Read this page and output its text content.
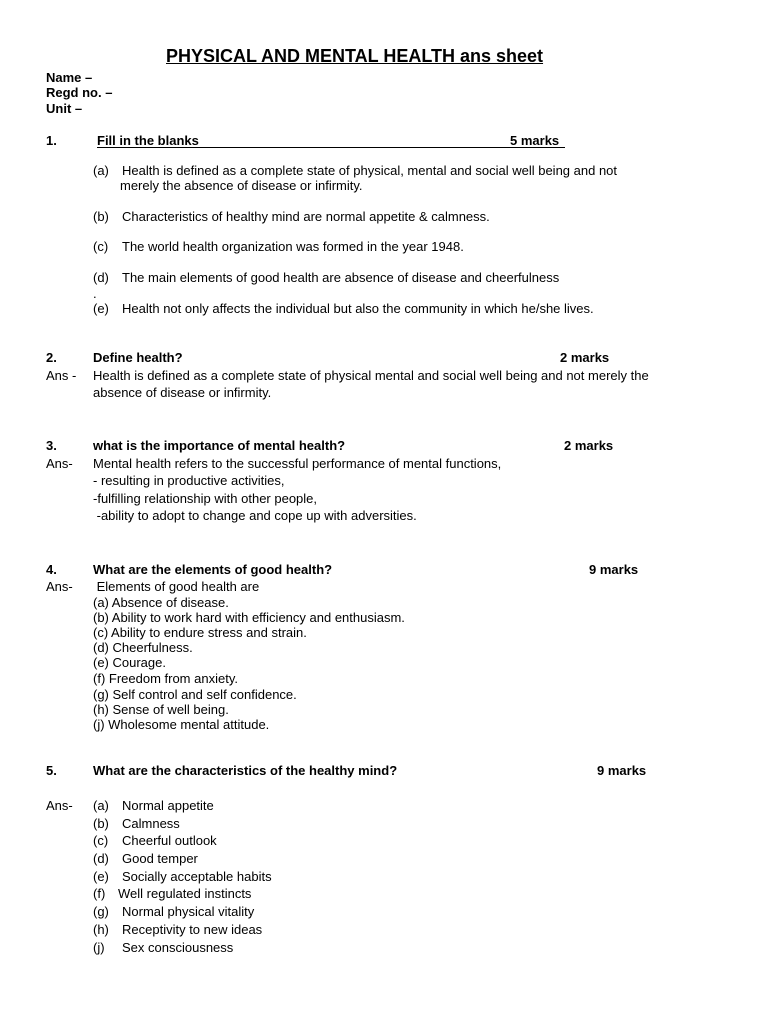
PHYSICAL AND MENTAL HEALTH ans sheet
Name –
Regd no. –
Unit –
1.	Fill in the blanks	5 marks
(a) Health is defined as a complete state of physical, mental and social well being and not
merely the absence of disease or infirmity.
(b) Characteristics of healthy mind are normal appetite & calmness.
(c) The world health organization was formed in the year 1948.
(d) The main elements of good health are absence of disease and cheerfulness
.
(e) Health not only affects the individual but also the community in which he/she lives.
2.	Define health?	2 marks
Ans - Health is defined as a complete state of physical mental and social well being and not merely the
absence of disease or infirmity.
3.	what is the importance of mental health?	2 marks
Ans- Mental health refers to the successful performance of mental functions,
- resulting in productive activities,
-fulfilling relationship with other people,
-ability to adopt to change and cope up with adversities.
4.	What are the elements of good health?	9 marks
Ans- Elements of good health are
(a) Absence of disease.
(b) Ability to work hard with efficiency and enthusiasm.
(c) Ability to endure stress and strain.
(d) Cheerfulness.
(e) Courage.
(f) Freedom from anxiety.
(g) Self control and self confidence.
(h) Sense of well being.
(j) Wholesome mental attitude.
5.	What are the characteristics of the healthy mind?	9 marks
Ans- (a) Normal appetite
(b) Calmness
(c) Cheerful outlook
(d) Good temper
(e) Socially acceptable habits
(f) Well regulated instincts
(g) Normal physical vitality
(h) Receptivity to new ideas
(j) Sex consciousness
